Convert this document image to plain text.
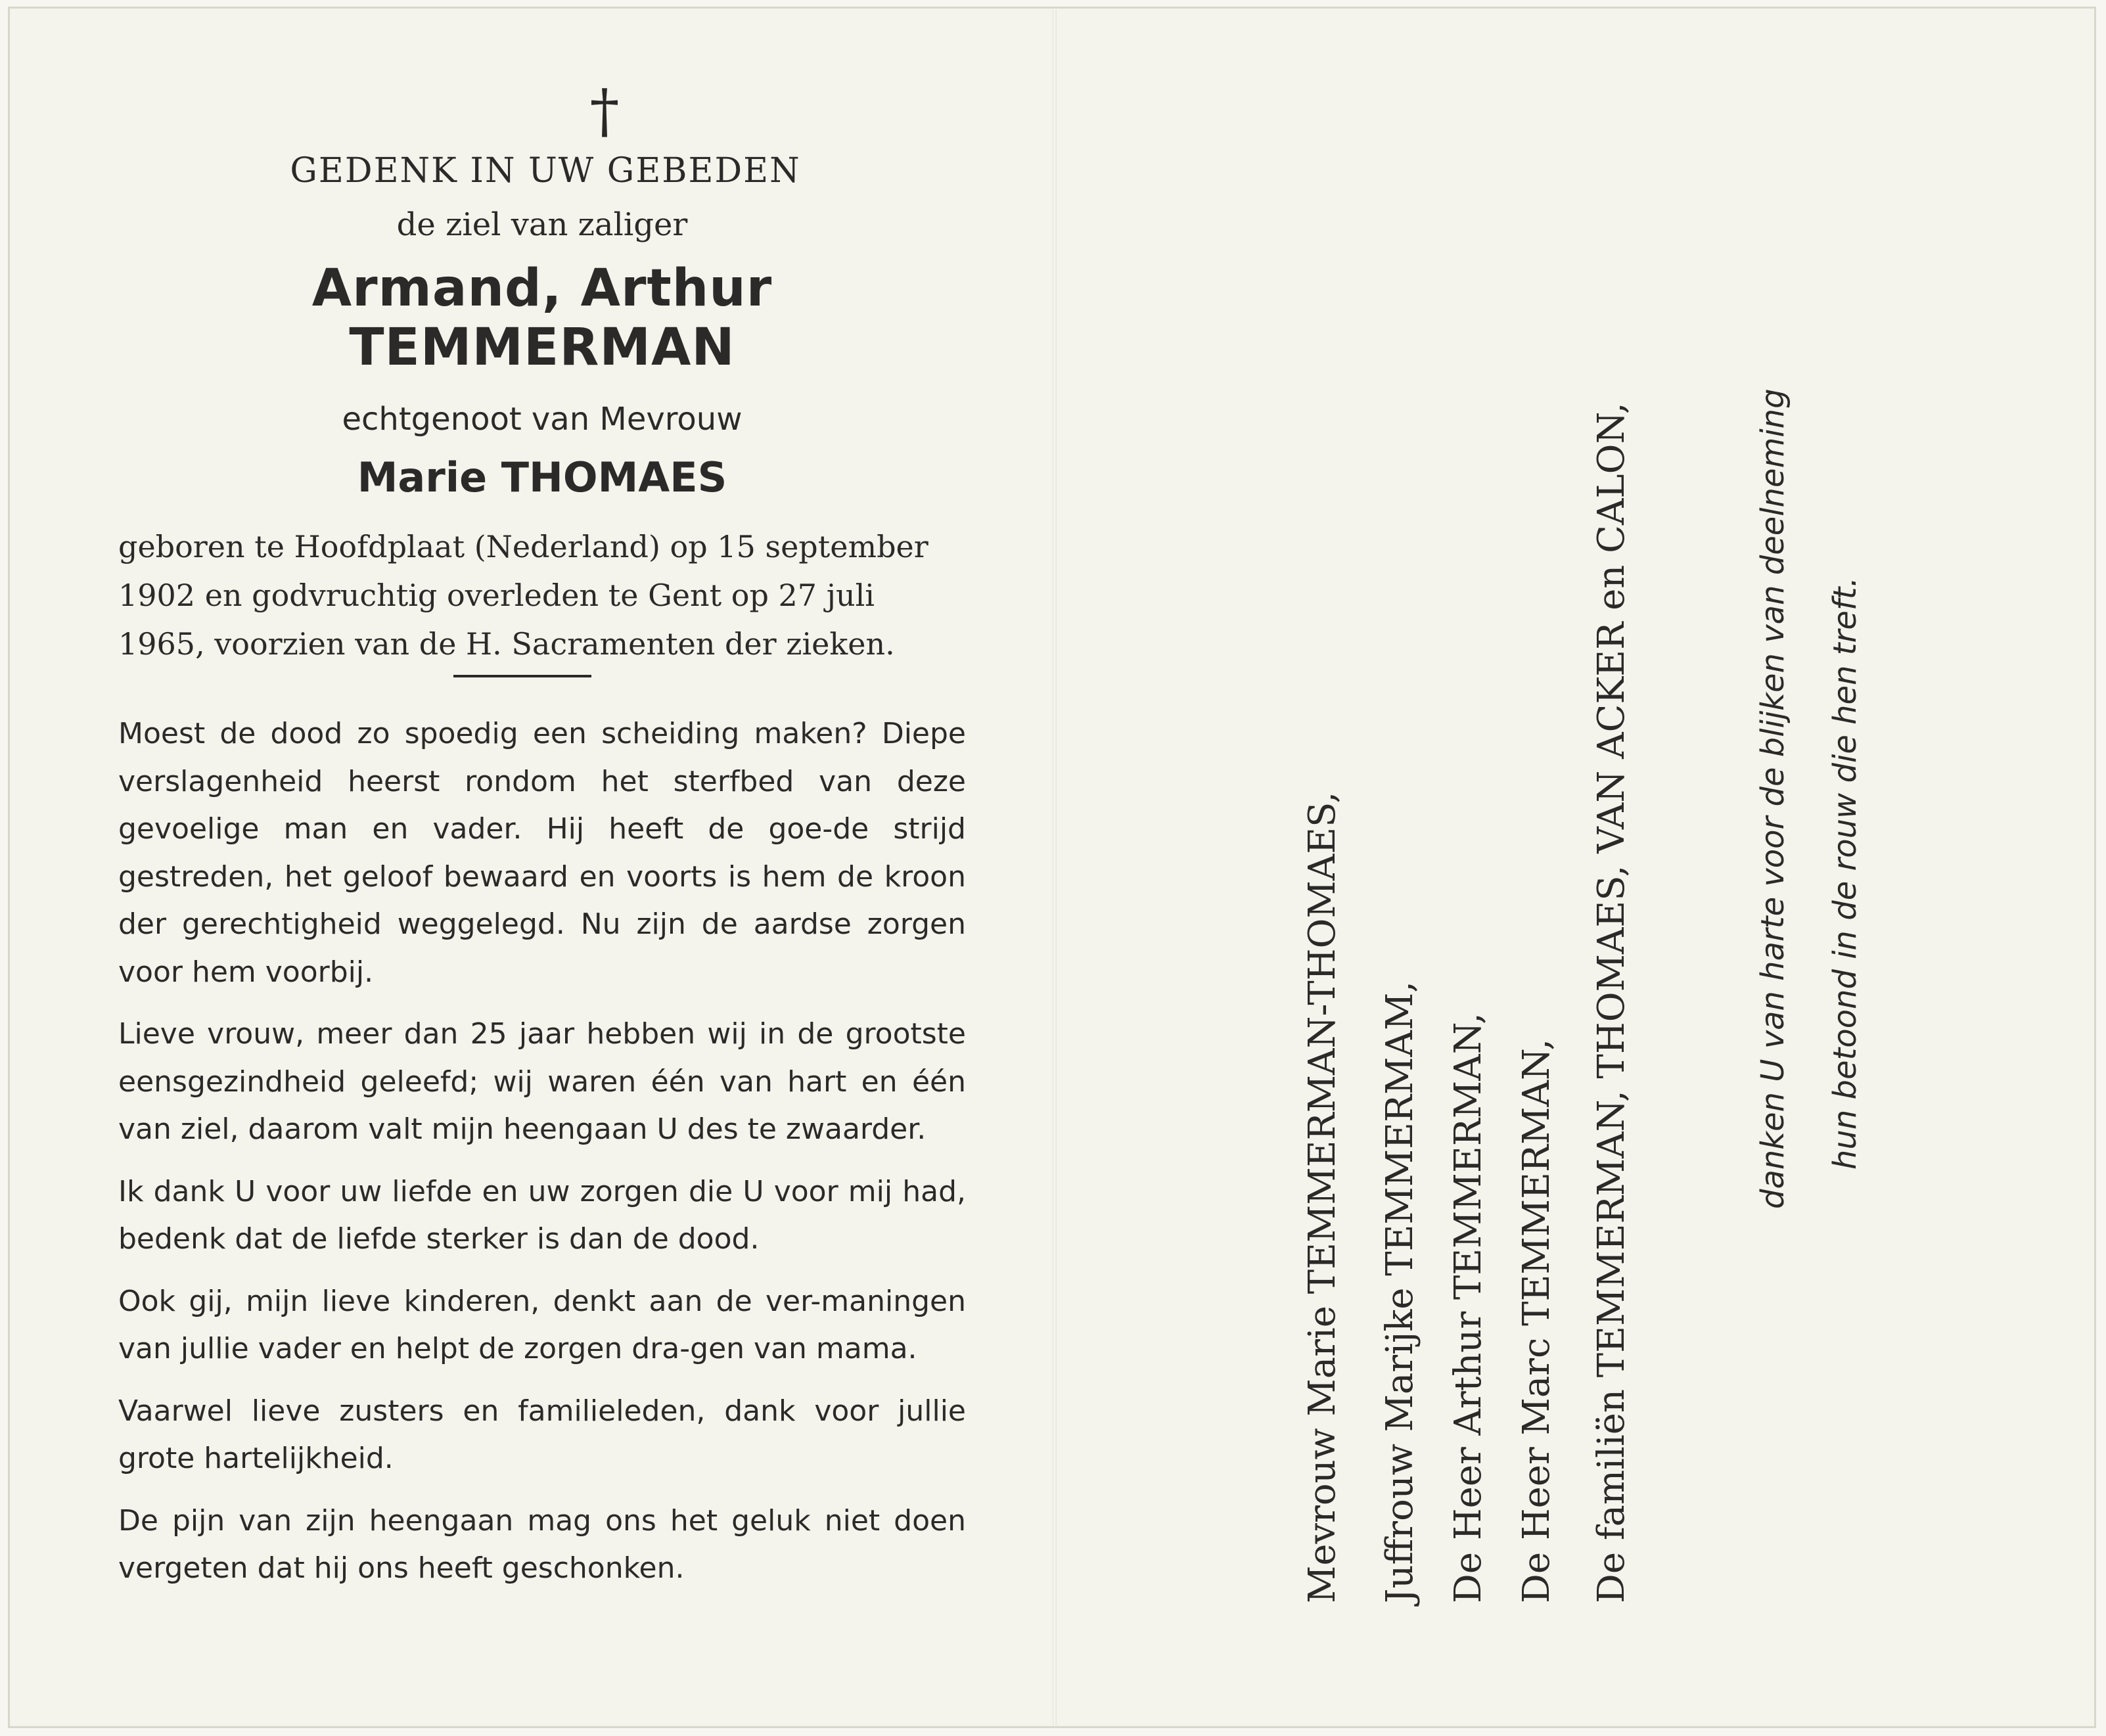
†
GEDENK IN UW GEBEDEN
de ziel van zaliger
Armand, Arthur TEMMERMAN
echtgenoot van Mevrouw
Marie THOMAES

geboren te Hoofdplaat (Nederland) op 15 september

1902 en godvruchtig overleden te Gent op 27 juli

1965, voorzien van de H. Sacramenten der zieken.

Moest de dood zo spoedig een scheiding maken? Diepe verslagenheid heerst rondom het sterfbed van deze gevoelige man en vader. Hij heeft de goe-de strijd gestreden, het geloof bewaard en voorts is hem de kroon der gerechtigheid weggelegd. Nu zijn de aardse zorgen voor hem voorbij.

Lieve vrouw, meer dan 25 jaar hebben wij in de grootste eensgezindheid geleefd; wij waren één van hart en één van ziel, daarom valt mijn heengaan U des te zwaarder.

Ik dank U voor uw liefde en uw zorgen die U voor mij had, bedenk dat de liefde sterker is dan de dood.

Ook gij, mijn lieve kinderen, denkt aan de ver-maningen van jullie vader en helpt de zorgen dra-gen van mama.

Vaarwel lieve zusters en familieleden, dank voor jullie grote hartelijkheid.

De pijn van zijn heengaan mag ons het geluk niet doen vergeten dat hij ons heeft geschonken.	Mevrouw Marie TEMMERMAN-THOMAES, Juffrouw Marijke TEMMERMAM, De Heer Arthur TEMMERMAN, De Heer Marc TEMMERMAN, De familiën TEMMERMAN, THOMAES, VAN ACKER en CALON,	danken U van harte voor de blijken van deelneming hun betoond in de rouw die hen treft.
